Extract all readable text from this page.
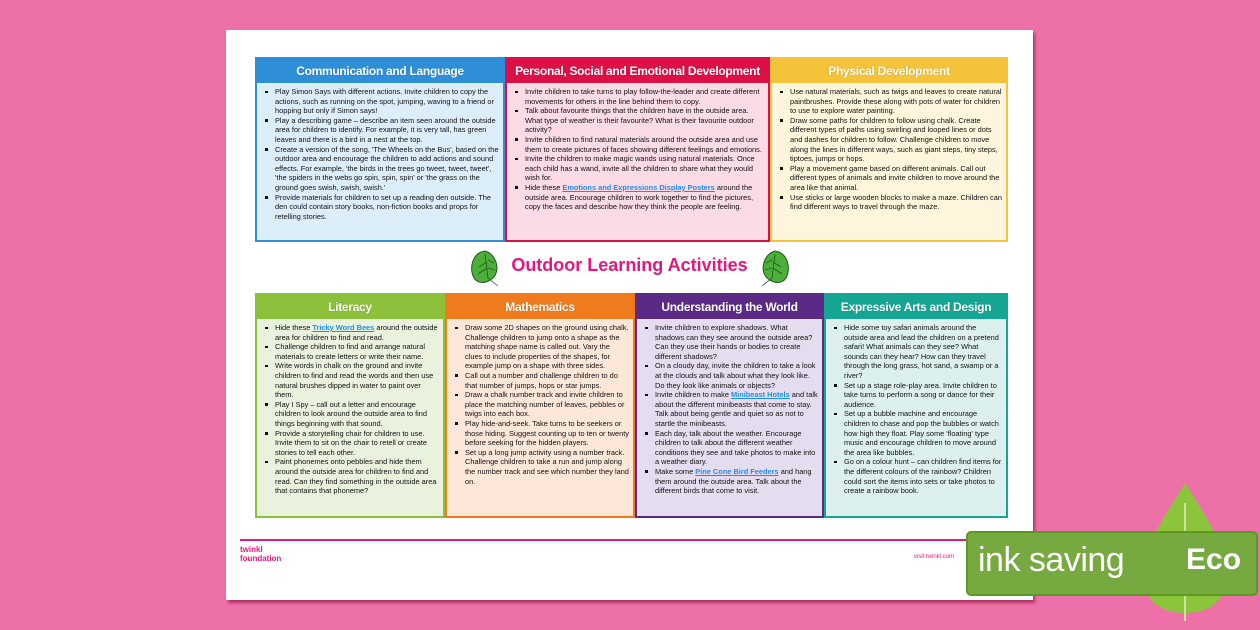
Communication and Language
Play Simon Says with different actions. Invite children to copy the actions, such as running on the spot, jumping, waving to a friend or hopping but only if Simon says!
Play a describing game – describe an item seen around the outside area for children to identify. For example, it is very tall, has green leaves and there is a bird in a nest at the top.
Create a version of the song, 'The Wheels on the Bus', based on the outdoor area and encourage the children to add actions and sound effects. For example, 'the birds in the trees go tweet, tweet, tweet', 'the spiders in the webs go spin, spin, spin' or 'the grass on the ground goes swish, swish, swish.'
Provide materials for children to set up a reading den outside. The den could contain story books, non-fiction books and props for retelling stories.
Personal, Social and Emotional Development
Invite children to take turns to play follow-the-leader and create different movements for others in the line behind them to copy.
Talk about favourite things that the children have in the outside area. What type of weather is their favourite? What is their favourite outdoor activity?
Invite children to find natural materials around the outside area and use them to create pictures of faces showing different feelings and emotions.
Invite the children to make magic wands using natural materials. Once each child has a wand, invite all the children to share what they would wish for.
Hide these Emotions and Expressions Display Posters around the outside area. Encourage children to work together to find the pictures, copy the faces and describe how they think the people are feeling.
Physical Development
Use natural materials, such as twigs and leaves to create natural paintbrushes. Provide these along with pots of water for children to use to explore water painting.
Draw some paths for children to follow using chalk. Create different types of paths using swirling and looped lines or dots and dashes for children to follow. Challenge children to move along the lines in different ways, such as giant steps, tiny steps, tiptoes, jumps or hops.
Play a movement game based on different animals. Call out different types of animals and invite children to move around the area like that animal.
Use sticks or large wooden blocks to make a maze. Children can find different ways to travel through the maze.
Outdoor Learning Activities
Literacy
Hide these Tricky Word Bees around the outside area for children to find and read.
Challenge children to find and arrange natural materials to create letters or write their name.
Write words in chalk on the ground and invite children to find and read the words and then use natural brushes dipped in water to paint over them.
Play I Spy – call out a letter and encourage children to look around the outside area to find things beginning with that sound.
Provide a storytelling chair for children to use. Invite them to sit on the chair to retell or create stories to tell each other.
Paint phonemes onto pebbles and hide them around the outside area for children to find and read. Can they find something in the outside area that contains that phoneme?
Mathematics
Draw some 2D shapes on the ground using chalk. Challenge children to jump onto a shape as the matching shape name is called out. Vary the clues to include properties of the shapes, for example jump on a shape with three sides.
Call out a number and challenge children to do that number of jumps, hops or star jumps.
Draw a chalk number track and invite children to place the matching number of leaves, pebbles or twigs into each box.
Play hide-and-seek. Take turns to be seekers or those hiding. Suggest counting up to ten or twenty before seeking for the hidden players.
Set up a long jump activity using a number track. Challenge children to take a run and jump along the number track and see which number they land on.
Understanding the World
Invite children to explore shadows. What shadows can they see around the outside area? Can they use their hands or bodies to create different shadows?
On a cloudy day, invite the children to take a look at the clouds and talk about what they look like. Do they look like animals or objects?
Invite children to make Minibeast Hotels and talk about the different minibeasts that come to stay. Talk about being gentle and quiet so as not to startle the minibeasts.
Each day, talk about the weather. Encourage children to talk about the different weather conditions they see and take photos to make into a weather diary.
Make some Pine Cone Bird Feeders and hang them around the outside area. Talk about the different birds that come to visit.
Expressive Arts and Design
Hide some toy safari animals around the outside area and lead the children on a pretend safari! What animals can they see? What sounds can they hear? How can they travel through the long grass, hot sand, a swamp or a river?
Set up a stage role-play area. Invite children to take turns to perform a song or dance for their audience.
Set up a bubble machine and encourage children to chase and pop the bubbles or watch how high they float. Play some 'floating' type music and encourage children to move around the area like bubbles.
Go on a colour hunt – can children find items for the different colours of the rainbow? Children could sort the items into sets or take photos to create a rainbow book.
twinkl
foundation	visit twinkl.com ink saving Eco
